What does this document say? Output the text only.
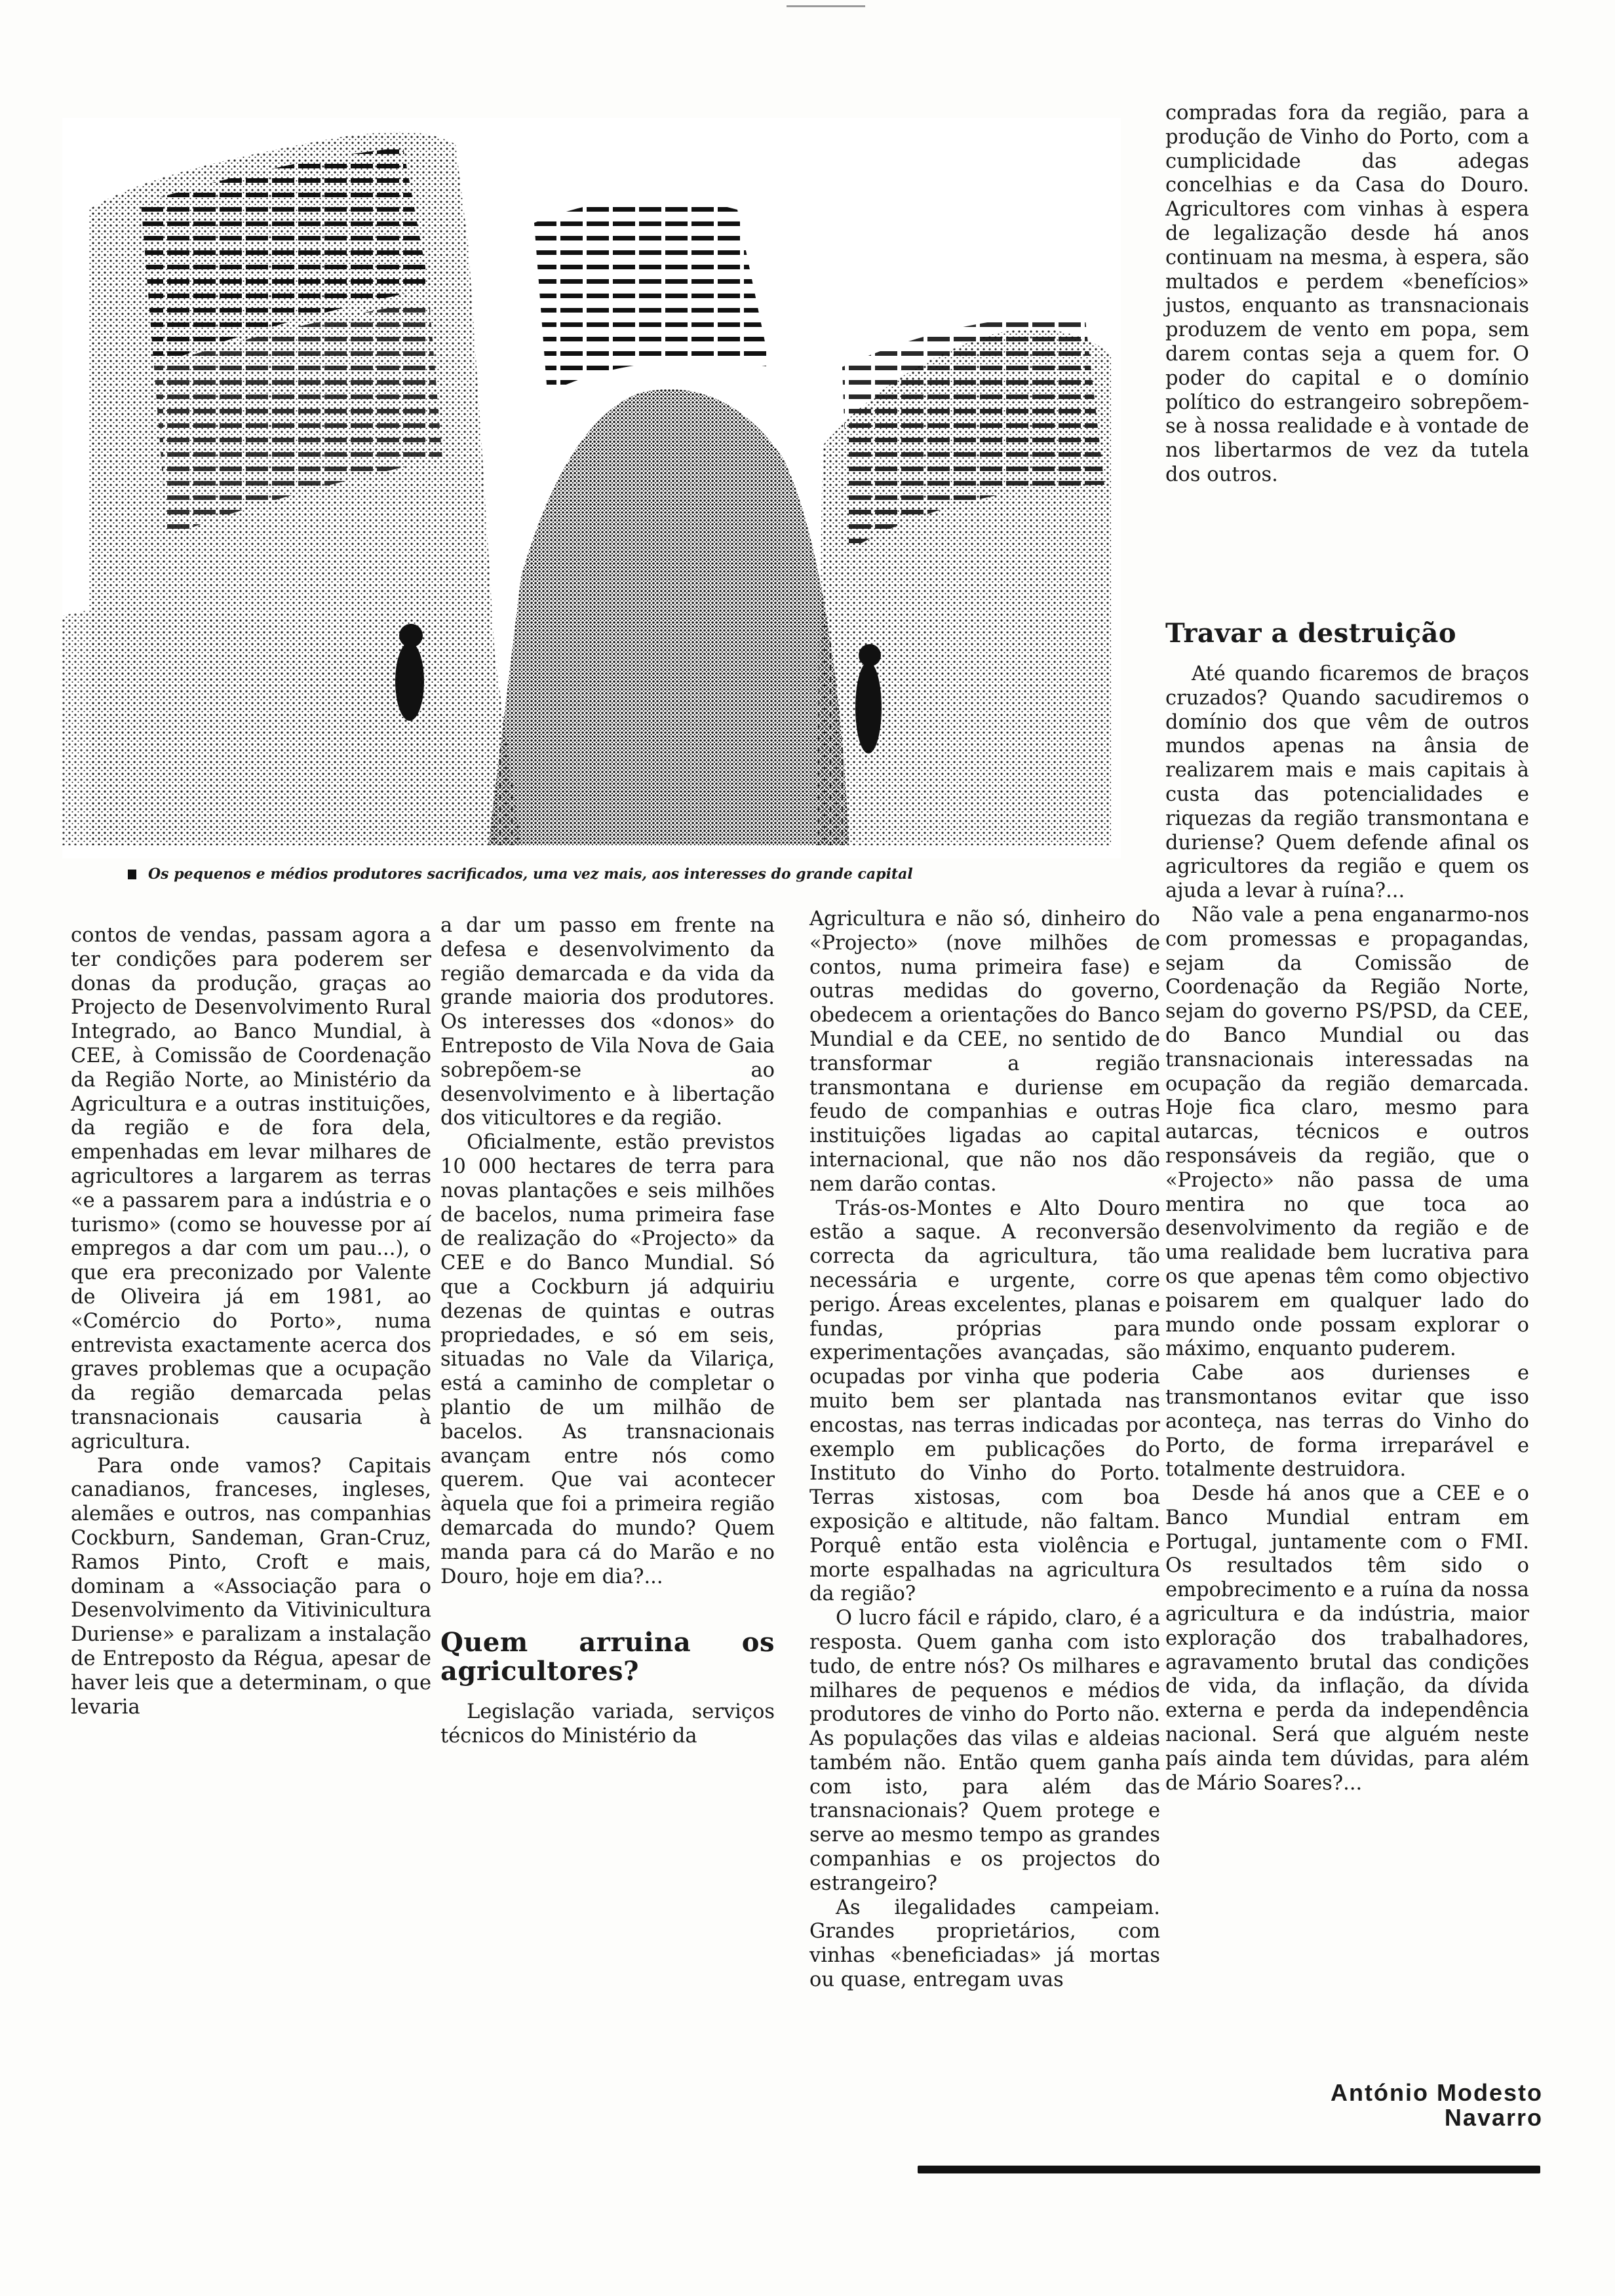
Os pequenos e médios produtores sacrificados, uma vez mais, aos interesses do grande capital

contos de vendas, passam agora a ter condições para poderem ser donas da produção, graças ao Projecto de Desenvolvimento Rural Integrado, ao Banco Mundial, à CEE, à Comissão de Coordenação da Região Norte, ao Ministério da Agricultura e a outras instituições, da região e de fora dela, empenhadas em levar milhares de agricultores a largarem as terras «e a passarem para a indústria e o turismo» (como se houvesse por aí empregos a dar com um pau...), o que era preconizado por Valente de Oliveira já em 1981, ao «Comércio do Porto», numa entrevista exactamente acerca dos graves problemas que a ocupação da região demarcada pelas transnacionais causaria à agricultura.

Para onde vamos? Capitais canadianos, franceses, ingleses, alemães e outros, nas companhias Cockburn, Sandeman, Gran-Cruz, Ramos Pinto, Croft e mais, dominam a «Associação para o Desenvolvimento da Vitivinicultura Duriense» e paralizam a instalação de Entreposto da Régua, apesar de haver leis que a determinam, o que levaria

a dar um passo em frente na defesa e desenvolvimento da região demarcada e da vida da grande maioria dos produtores. Os interesses dos «donos» do Entreposto de Vila Nova de Gaia sobrepõem-se ao desenvolvimento e à libertação dos viticultores e da região.

Oficialmente, estão previstos 10 000 hectares de terra para novas plantações e seis milhões de bacelos, numa primeira fase de realização do «Projecto» da CEE e do Banco Mundial. Só que a Cockburn já adquiriu dezenas de quintas e outras propriedades, e só em seis, situadas no Vale da Vilariça, está a caminho de completar o plantio de um milhão de bacelos. As transnacionais avançam entre nós como querem. Que vai acontecer àquela que foi a primeira região demarcada do mundo? Quem manda para cá do Marão e no Douro, hoje em dia?...

Quem arruina os agricultores?

Legislação variada, serviços técnicos do Ministério da

Agricultura e não só, dinheiro do «Projecto» (nove milhões de contos, numa primeira fase) e outras medidas do governo, obedecem a orientações do Banco Mundial e da CEE, no sentido de transformar a região transmontana e duriense em feudo de companhias e outras instituições ligadas ao capital internacional, que não nos dão nem darão contas.

Trás-os-Montes e Alto Douro estão a saque. A reconversão correcta da agricultura, tão necessária e urgente, corre perigo. Áreas excelentes, planas e fundas, próprias para experimentações avançadas, são ocupadas por vinha que poderia muito bem ser plantada nas encostas, nas terras indicadas por exemplo em publicações do Instituto do Vinho do Porto. Terras xistosas, com boa exposição e altitude, não faltam. Porquê então esta violência e morte espalhadas na agricultura da região?

O lucro fácil e rápido, claro, é a resposta. Quem ganha com isto tudo, de entre nós? Os milhares e milhares de pequenos e médios produtores de vinho do Porto não. As populações das vilas e aldeias também não. Então quem ganha com isto, para além das transnacionais? Quem protege e serve ao mesmo tempo as grandes companhias e os projectos do estrangeiro?

As ilegalidades campeiam. Grandes proprietários, com vinhas «beneficiadas» já mortas ou quase, entregam uvas

compradas fora da região, para a produção de Vinho do Porto, com a cumplicidade das adegas concelhias e da Casa do Douro. Agricultores com vinhas à espera de legalização desde há anos continuam na mesma, à espera, são multados e perdem «benefícios» justos, enquanto as transnacionais produzem de vento em popa, sem darem contas seja a quem for. O poder do capital e o domínio político do estrangeiro sobrepõem-se à nossa realidade e à vontade de nos libertarmos de vez da tutela dos outros.

Travar a destruição

Até quando ficaremos de braços cruzados? Quando sacudiremos o domínio dos que vêm de outros mundos apenas na ânsia de realizarem mais e mais capitais à custa das potencialidades e riquezas da região transmontana e duriense? Quem defende afinal os agricultores da região e quem os ajuda a levar à ruína?...

Não vale a pena enganarmo-nos com promessas e propagandas, sejam da Comissão de Coordenação da Região Norte, sejam do governo PS/PSD, da CEE, do Banco Mundial ou das transnacionais interessadas na ocupação da região demarcada. Hoje fica claro, mesmo para autarcas, técnicos e outros responsáveis da região, que o «Projecto» não passa de uma mentira no que toca ao desenvolvimento da região e de uma realidade bem lucrativa para os que apenas têm como objectivo poisarem em qualquer lado do mundo onde possam explorar o máximo, enquanto puderem.

Cabe aos durienses e transmontanos evitar que isso aconteça, nas terras do Vinho do Porto, de forma irreparável e totalmente destruidora.

Desde há anos que a CEE e o Banco Mundial entram em Portugal, juntamente com o FMI. Os resultados têm sido o empobrecimento e a ruína da nossa agricultura e da indústria, maior exploração dos trabalhadores, agravamento brutal das condições de vida, da inflação, da dívida externa e perda da independência nacional. Será que alguém neste país ainda tem dúvidas, para além de Mário Soares?...

António Modesto
Navarro
